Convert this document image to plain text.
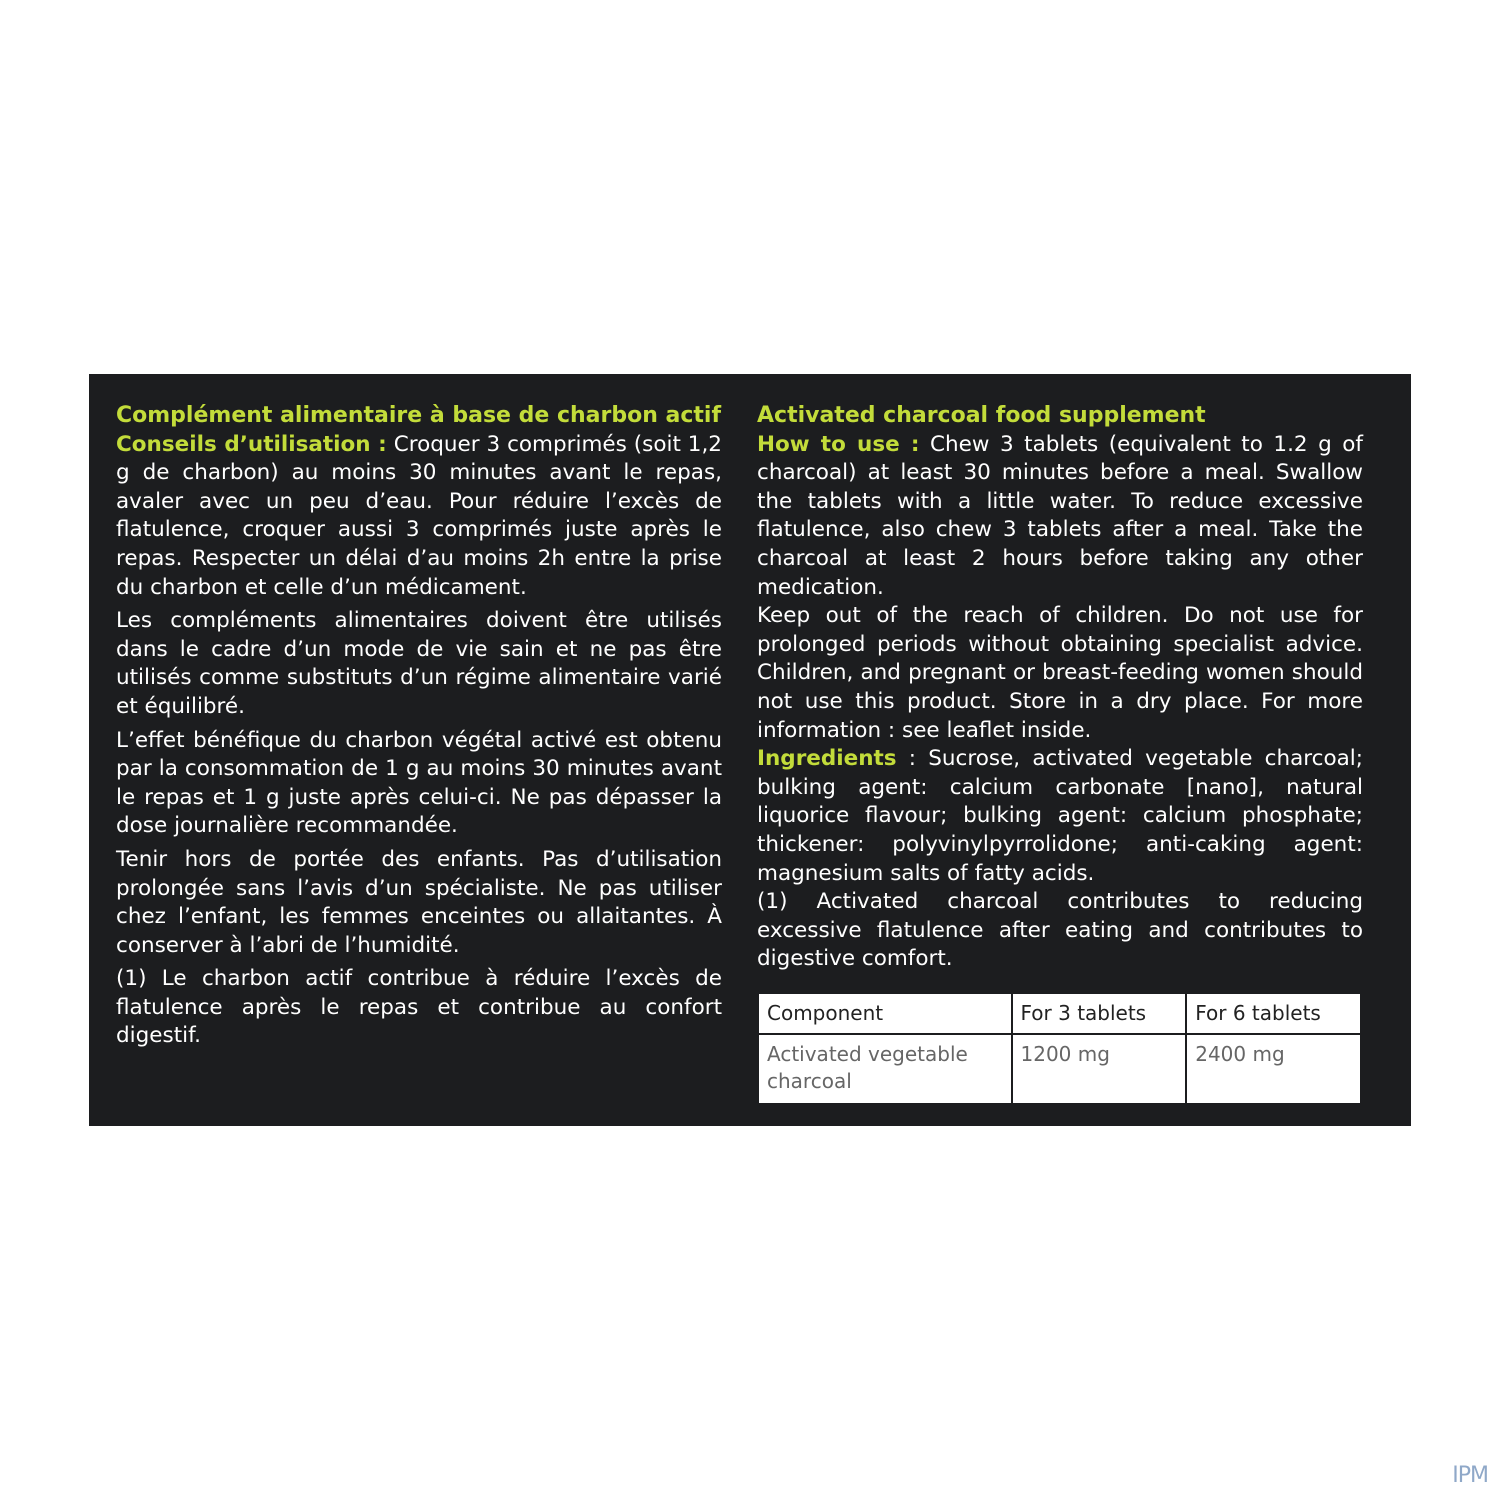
Complément alimentaire à base de charbon actif

Conseils d’utilisation : Croquer 3 comprimés (soit 1,2 g de charbon) au moins 30 minutes avant le repas, avaler avec un peu d’eau. Pour réduire l’excès de flatulence, croquer aussi 3 comprimés juste après le repas. Respecter un délai d’au moins 2h entre la prise du charbon et celle d’un médicament.

Les compléments alimentaires doivent être utilisés dans le cadre d’un mode de vie sain et ne pas être utilisés comme substituts d’un régime alimentaire varié et équilibré.

L’effet bénéfique du charbon végétal activé est obtenu par la consommation de 1 g au moins 30 minutes avant le repas et 1 g juste après celui-ci. Ne pas dépasser la dose journalière recommandée.

Tenir hors de portée des enfants. Pas d’utilisation prolongée sans l’avis d’un spécialiste. Ne pas utiliser chez l’enfant, les femmes enceintes ou allaitantes. À conserver à l’abri de l’humidité.

(1) Le charbon actif contribue à réduire l’excès de flatulence après le repas et contribue au confort digestif.

Activated charcoal food supplement

How to use : Chew 3 tablets (equivalent to 1.2 g of charcoal) at least 30 minutes before a meal. Swallow the tablets with a little water. To reduce excessive flatulence, also chew 3 tablets after a meal. Take the charcoal at least 2 hours before taking any other medication.

Keep out of the reach of children. Do not use for prolonged periods without obtaining specialist advice. Children, and pregnant or breast-feeding women should not use this product. Store in a dry place. For more information : see leaflet inside.

Ingredients : Sucrose, activated vegetable charcoal; bulking agent: calcium carbonate [nano], natural liquorice flavour; bulking agent: calcium phosphate; thickener: polyvinylpyrrolidone; anti-caking agent: magnesium salts of fatty acids.

(1) Activated charcoal contributes to reducing excessive flatulence after eating and contributes to digestive comfort.

Component	For 3 tablets	For 6 tablets
Activated vegetable charcoal	1200 mg	2400 mg
IPM
